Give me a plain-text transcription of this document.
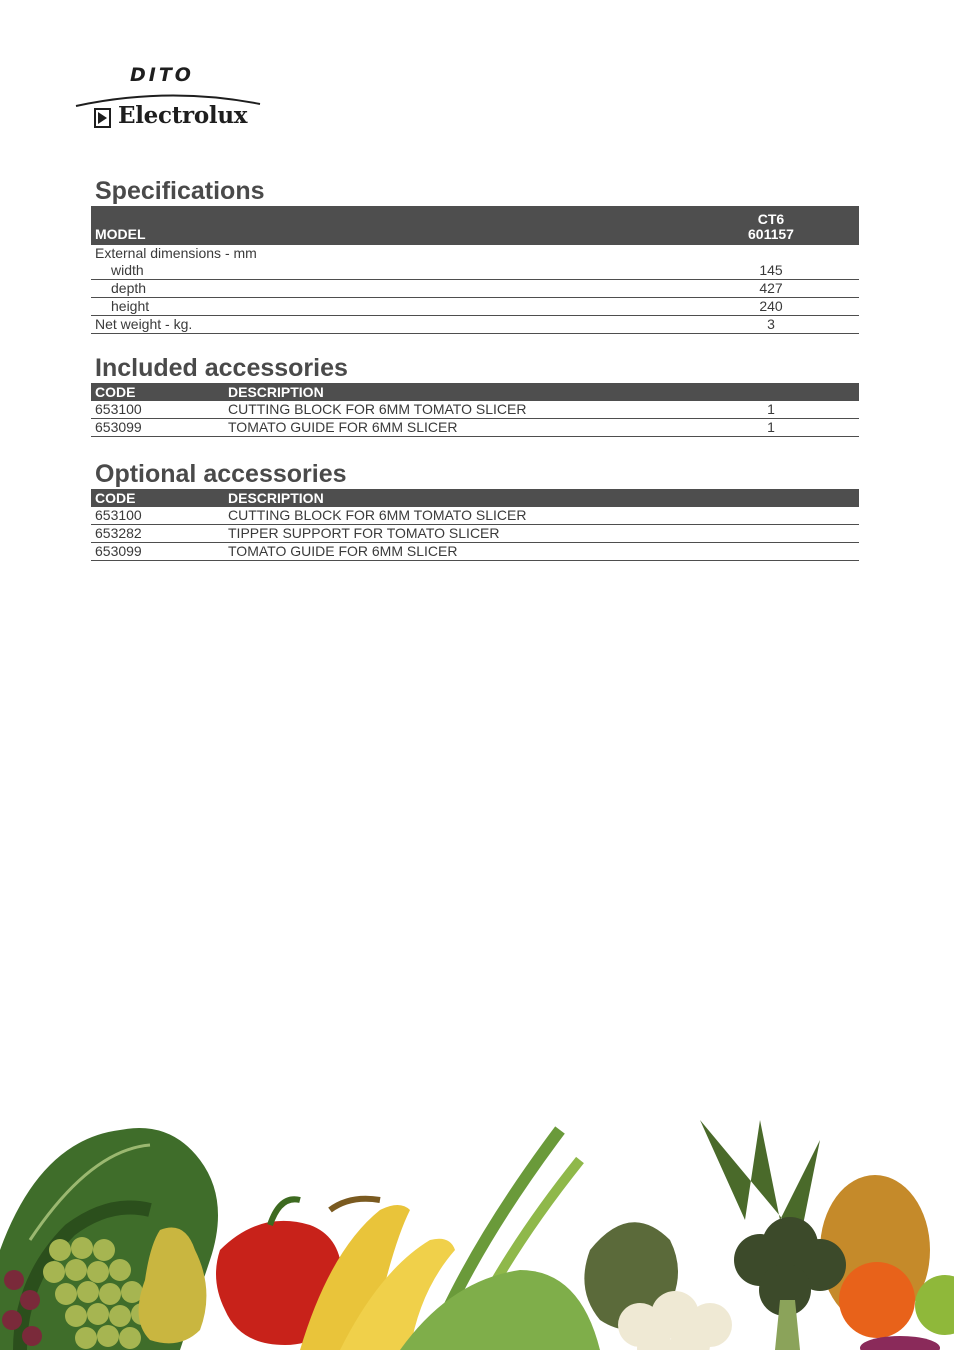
DITO
Electrolux
Specifications
MODEL	CT6
601157
External dimensions - mm	
width	145
depth	427
height	240
Net weight - kg.	3
Included accessories
CODE	DESCRIPTION	
653100	CUTTING BLOCK FOR 6MM TOMATO SLICER	1
653099	TOMATO GUIDE FOR 6MM SLICER	1
Optional accessories
CODE	DESCRIPTION
653100	CUTTING BLOCK FOR 6MM TOMATO SLICER
653282	TIPPER SUPPORT FOR TOMATO SLICER
653099	TOMATO GUIDE FOR 6MM SLICER
